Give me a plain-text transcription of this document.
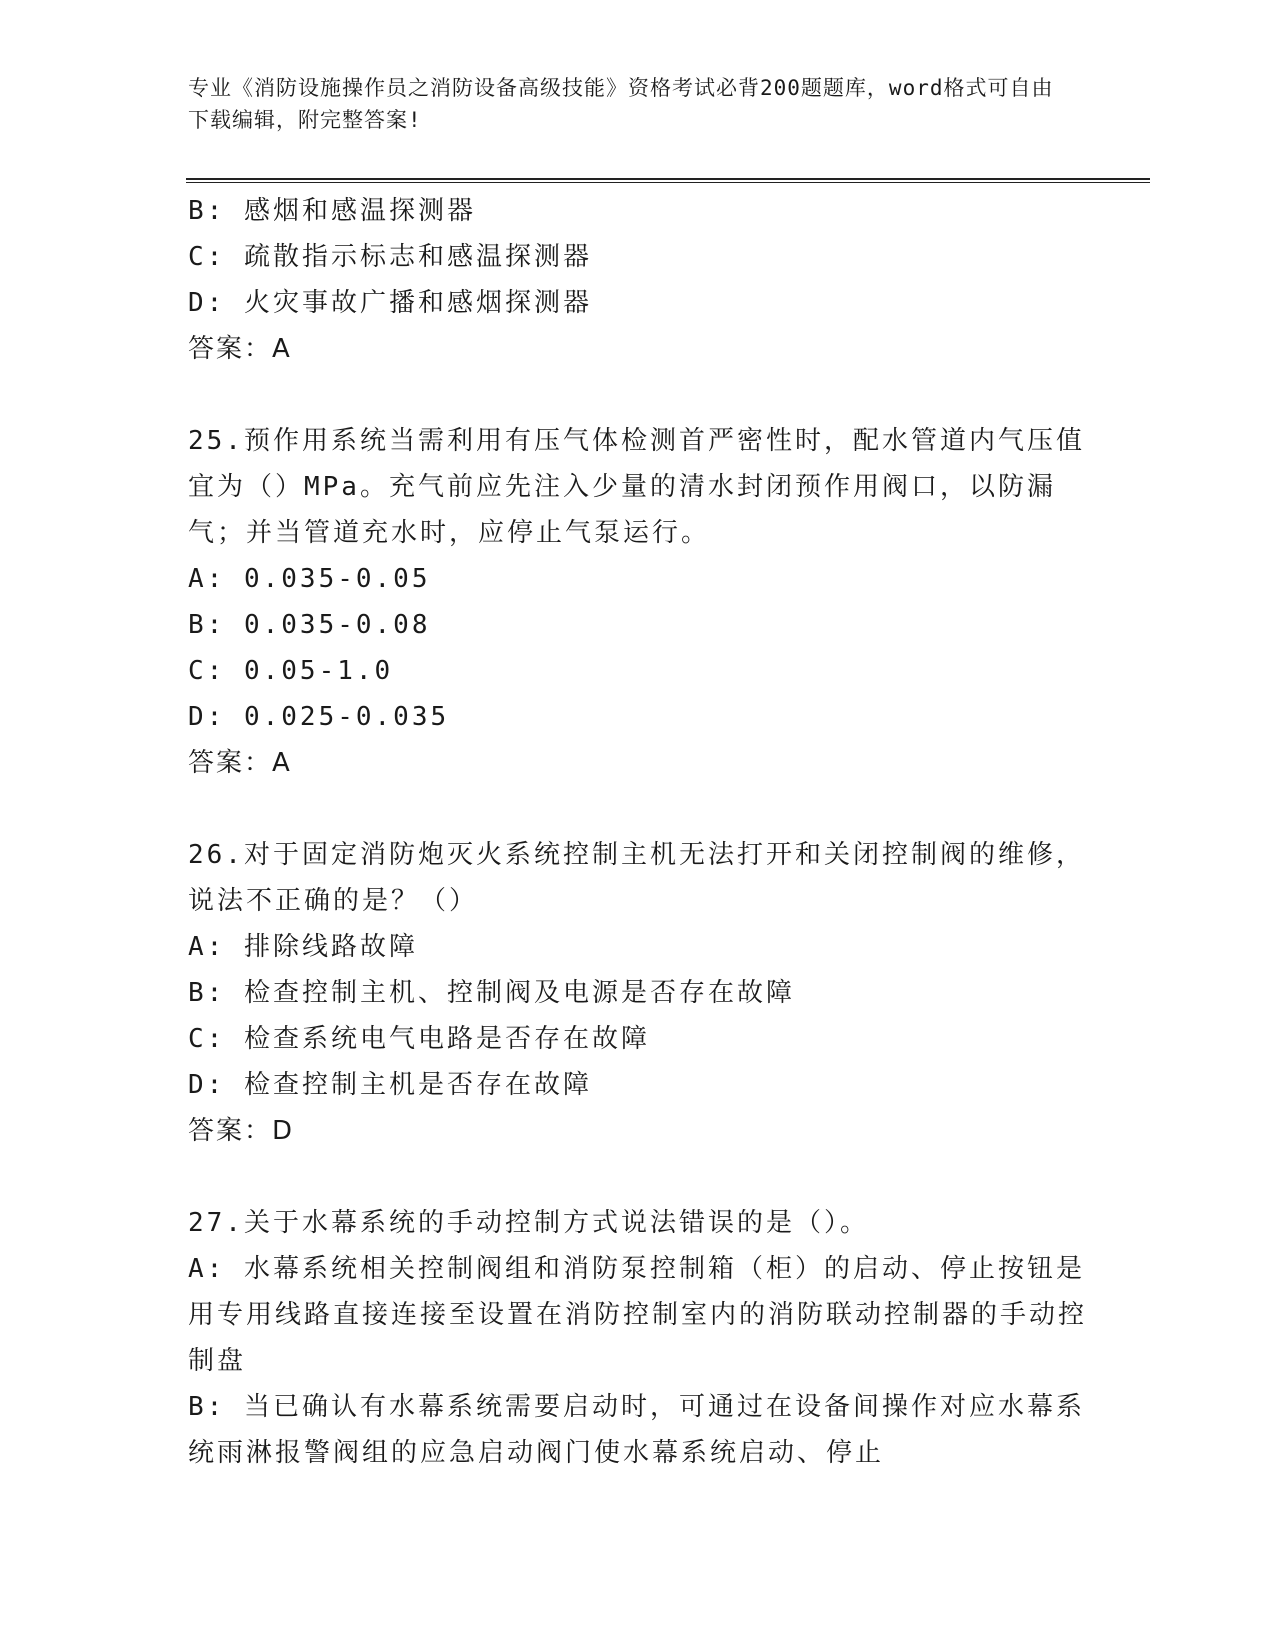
专业《消防设施操作员之消防设备高级技能》资格考试必背200题题库，word格式可自由下载编辑，附完整答案!

B: 感烟和感温探测器
C: 疏散指示标志和感温探测器
D: 火灾事故广播和感烟探测器
答案：A
25.预作用系统当需利用有压气体检测首严密性时，配水管道内气压值宜为（）MPa。充气前应先注入少量的清水封闭预作用阀口，以防漏气；并当管道充水时，应停止气泵运行。
A: 0.035-0.05
B: 0.035-0.08
C: 0.05-1.0
D: 0.025-0.035
答案：A
26.对于固定消防炮灭火系统控制主机无法打开和关闭控制阀的维修，说法不正确的是？（）
A: 排除线路故障
B: 检查控制主机、控制阀及电源是否存在故障
C: 检查系统电气电路是否存在故障
D: 检查控制主机是否存在故障
答案：D
27.关于水幕系统的手动控制方式说法错误的是（）。
A: 水幕系统相关控制阀组和消防泵控制箱（柜）的启动、停止按钮是用专用线路直接连接至设置在消防控制室内的消防联动控制器的手动控制盘
B: 当已确认有水幕系统需要启动时，可通过在设备间操作对应水幕系统雨淋报警阀组的应急启动阀门使水幕系统启动、停止
